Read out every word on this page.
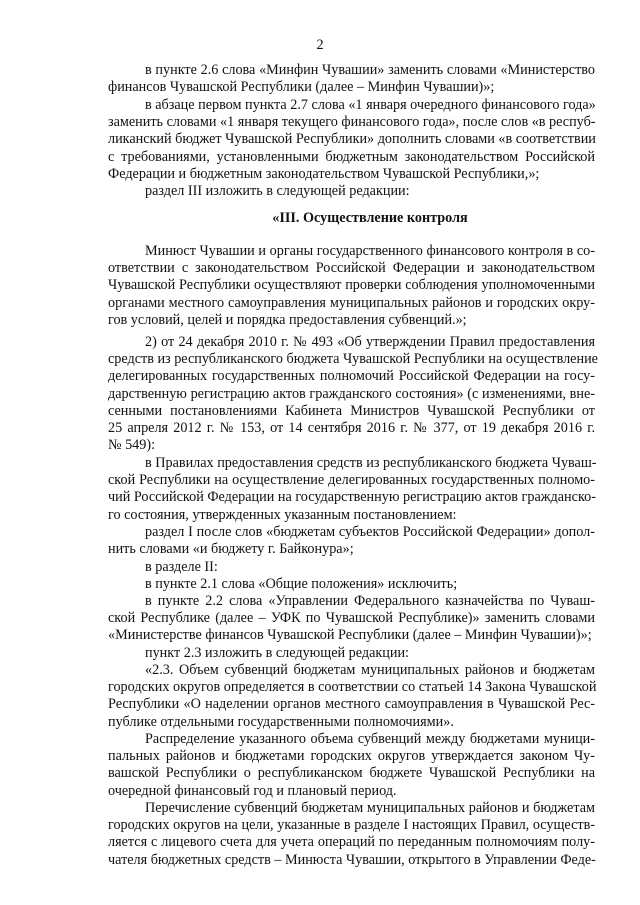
2
в пункте 2.6 слова «Минфин Чувашии» заменить словами «Министерство
финансов Чувашской Республики (далее – Минфин Чувашии)»;
в абзаце первом пункта 2.7 слова «1 января очередного финансового года»
заменить словами «1 января текущего финансового года», после слов «в респуб-
ликанский бюджет Чувашской Республики» дополнить словами «в соответствии
с требованиями, установленными бюджетным законодательством Российской
Федерации и бюджетным законодательством Чувашской Республики,»;
раздел III изложить в следующей редакции:
«III. Осуществление контроля
Минюст Чувашии и органы государственного финансового контроля в со-
ответствии с законодательством Российской Федерации и законодательством
Чувашской Республики осуществляют проверки соблюдения уполномоченными
органами местного самоуправления муниципальных районов и городских окру-
гов условий, целей и порядка предоставления субвенций.»;
2) от 24 декабря 2010 г. № 493 «Об утверждении Правил предоставления
средств из республиканского бюджета Чувашской Республики на осуществление
делегированных государственных полномочий Российской Федерации на госу-
дарственную регистрацию актов гражданского состояния» (с изменениями, вне-
сенными постановлениями Кабинета Министров Чувашской Республики от
25 апреля 2012 г. № 153, от 14 сентября 2016 г. № 377, от 19 декабря 2016 г.
№ 549):
в Правилах предоставления средств из республиканского бюджета Чуваш-
ской Республики на осуществление делегированных государственных полномо-
чий Российской Федерации на государственную регистрацию актов гражданско-
го состояния, утвержденных указанным постановлением:
раздел I после слов «бюджетам субъектов Российской Федерации» допол-
нить словами «и бюджету г. Байконура»;
в разделе II:
в пункте 2.1 слова «Общие положения» исключить;
в пункте 2.2 слова «Управлении Федерального казначейства по Чуваш-
ской Республике (далее – УФК по Чувашской Республике)» заменить словами
«Министерстве финансов Чувашской Республики (далее – Минфин Чувашии)»;
пункт 2.3 изложить в следующей редакции:
«2.3. Объем субвенций бюджетам муниципальных районов и бюджетам
городских округов определяется в соответствии со статьей 14 Закона Чувашской
Республики «О наделении органов местного самоуправления в Чувашской Рес-
публике отдельными государственными полномочиями».
Распределение указанного объема субвенций между бюджетами муници-
пальных районов и бюджетами городских округов утверждается законом Чу-
вашской Республики о республиканском бюджете Чувашской Республики на
очередной финансовый год и плановый период.
Перечисление субвенций бюджетам муниципальных районов и бюджетам
городских округов на цели, указанные в разделе I настоящих Правил, осуществ-
ляется с лицевого счета для учета операций по переданным полномочиям полу-
чателя бюджетных средств – Минюста Чувашии, открытого в Управлении Феде-
